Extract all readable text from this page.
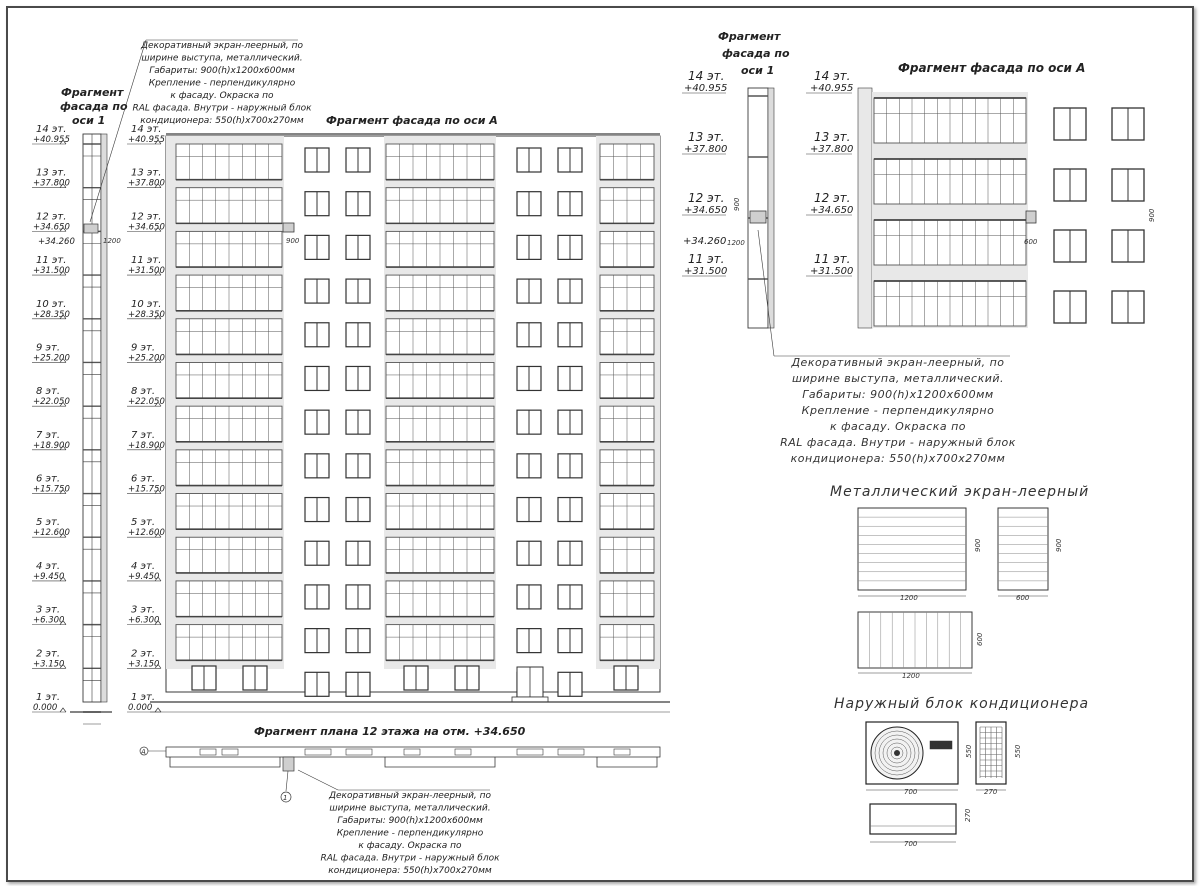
Фрагмент
фасада по
оси 1
14 эт.
+40.955
13 эт.
+37.800
12 эт.
+34.650
11 эт.
+31.500
10 эт.
+28.350
9 эт.
+25.200
8 эт.
+22.050
7 эт.
+18.900
6 эт.
+15.750
5 эт.
+12.600
4 эт.
+9.450
3 эт.
+6.300
2 эт.
+3.150
1 эт.
0.000
+34.260	1200
Фрагмент фасада по оси А
14 эт.
+40.955
13 эт.
+37.800
12 эт.
+34.650
11 эт.
+31.500
10 эт.
+28.350
9 эт.
+25.200
8 эт.
+22.050
7 эт.
+18.900
6 эт.
+15.750
5 эт.
+12.600
4 эт.
+9.450
3 эт.
+6.300
2 эт.
+3.150
1 эт.
0.000
900
Декоративный экран-леерный, по
ширине выступа, металлический.
Габариты: 900(h)x1200x600мм
Крепление - перпендикулярно
к фасаду. Окраска по
RAL фасада. Внутри - наружный блок
кондиционера: 550(h)x700x270мм
Фрагмент плана 12 этажа на отм. +34.650
А
1	Декоративный экран-леерный, по
ширине выступа, металлический.
Габариты: 900(h)x1200x600мм
Крепление - перпендикулярно
к фасаду. Окраска по
RAL фасада. Внутри - наружный блок
кондиционера: 550(h)x700x270мм
Фрагмент
фасада по
оси 1	Фрагмент фасада по оси А
14 эт.
+40.955
14 эт.
+40.955
13 эт.
+37.800
13 эт.
+37.800
12 эт.
+34.650
12 эт.
+34.650
11 эт.
+31.500
11 эт.
+31.500
+34.260
900
1200	600
900
Декоративный экран-леерный, по
ширине выступа, металлический.
Габариты: 900(h)x1200x600мм
Крепление - перпендикулярно
к фасаду. Окраска по
RAL фасада. Внутри - наружный блок
кондиционера: 550(h)x700x270мм
Металлический экран-леерный
900
1200
900
600
600
1200
Наружный блок кондиционера
LESSAR 550
700
550
270
270
700
